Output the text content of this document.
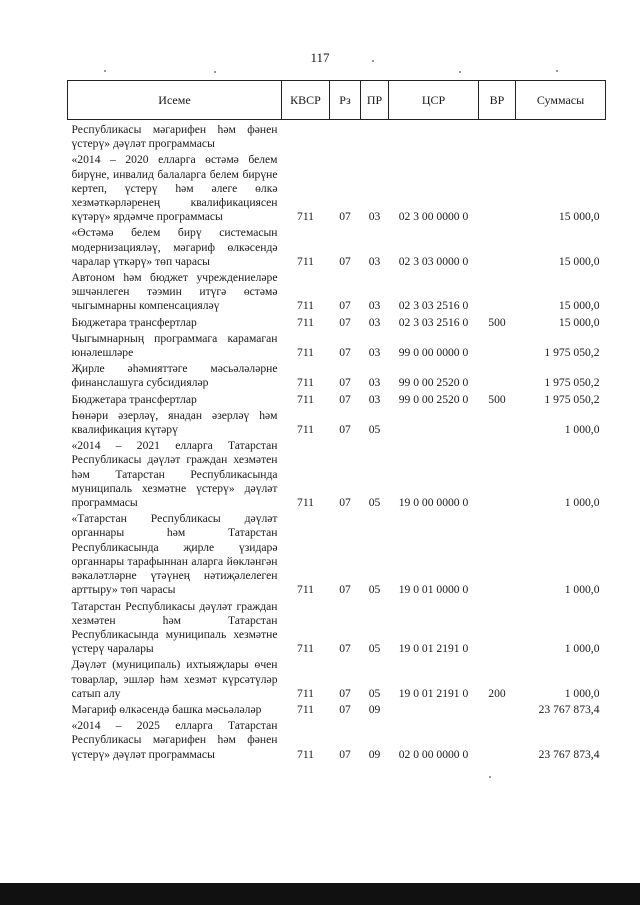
117
Исеме	КВСР	Рз	ПР	ЦСР	ВР	Суммасы
Республикасы мәгарифен һәм фәнен үстерү» дәүләт программасы						
«2014 – 2020 елларга өстәмә белем бирүне, инвалид балаларга белем бирүне кертеп, үстерү һәм әлеге өлкә хезмәткәрләренең квалификациясен күтәрү» ярдәмче программасы	711	07	03	02 3 00 0000 0		15 000,0
«Өстәмә белем бирү системасын модернизацияләү, мәгариф өлкәсендә чаралар үткәрү» төп чарасы	711	07	03	02 3 03 0000 0		15 000,0
Автоном һәм бюджет учреждениеләре эшчәнлеген тәэмин итүгә өстәмә чыгымнарны компенсацияләү	711	07	03	02 3 03 2516 0		15 000,0
Бюджетара трансфертлар	711	07	03	02 3 03 2516 0	500	15 000,0
Чыгымнарның программага карамаган юнәлешләре	711	07	03	99 0 00 0000 0		1 975 050,2
Җирле әһәмияттәге мәсьәләләрне финанслашуга субсидияләр	711	07	03	99 0 00 2520 0		1 975 050,2
Бюджетара трансфертлар	711	07	03	99 0 00 2520 0	500	1 975 050,2
Һөнәри әзерләү, янадан әзерләү һәм квалификация күтәрү	711	07	05			1 000,0
«2014 – 2021 елларга Татарстан Республикасы дәүләт граждан хезмәтен һәм Татарстан Республикасында муниципаль хезмәтне үстерү» дәүләт программасы	711	07	05	19 0 00 0000 0		1 000,0
«Татарстан Республикасы дәүләт органнары һәм Татарстан Республикасында җирле үзидарә органнары тарафыннан аларга йөкләнгән вәкаләтләрне үтәүнең нәтиҗәлелеген арттыру» төп чарасы	711	07	05	19 0 01 0000 0		1 000,0
Татарстан Республикасы дәүләт граждан хезмәтен һәм Татарстан Республикасында муниципаль хезмәтне үстерү чаралары	711	07	05	19 0 01 2191 0		1 000,0
Дәүләт (муниципаль) ихтыяҗлары өчен товарлар, эшләр һәм хезмәт күрсәтүләр сатып алу	711	07	05	19 0 01 2191 0	200	1 000,0
Мәгариф өлкәсендә башка мәсьәләләр	711	07	09			23 767 873,4
«2014 – 2025 елларга Татарстан Республикасы мәгарифен һәм фәнен үстерү» дәүләт программасы	711	07	09	02 0 00 0000 0		23 767 873,4
